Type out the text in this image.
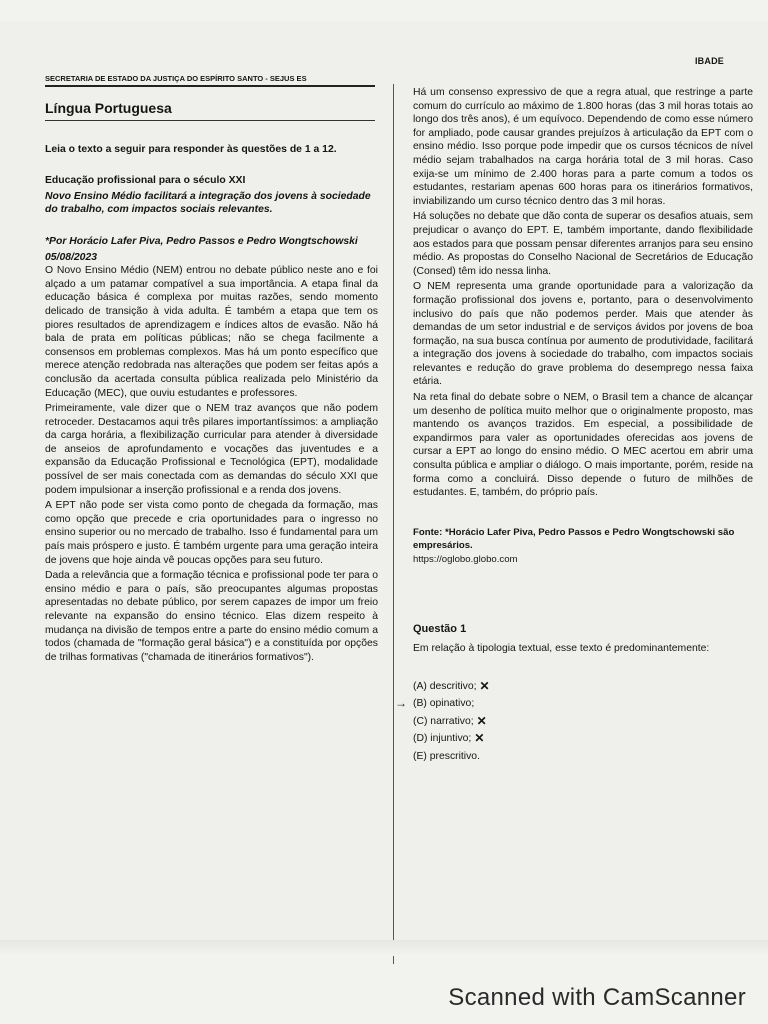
IBADE
SECRETARIA DE ESTADO DA JUSTIÇA DO ESPÍRITO SANTO - SEJUS ES
Língua Portuguesa
Leia o texto a seguir para responder às questões de 1 a 12.
Educação profissional para o século XXI
Novo Ensino Médio facilitará a integração dos jovens à sociedade do trabalho, com impactos sociais relevantes.
*Por Horácio Lafer Piva, Pedro Passos e Pedro Wongtschowski
05/08/2023
O Novo Ensino Médio (NEM) entrou no debate público neste ano e foi alçado a um patamar compatível a sua importância. A etapa final da educação básica é complexa por muitas razões, sendo momento delicado de transição à vida adulta. É também a etapa que tem os piores resultados de aprendizagem e índices altos de evasão. Não há bala de prata em políticas públicas; não se chega facilmente a consensos em problemas complexos. Mas há um ponto específico que merece atenção redobrada nas alterações que podem ser feitas após a conclusão da acertada consulta pública realizada pelo Ministério da Educação (MEC), que ouviu estudantes e professores.
Primeiramente, vale dizer que o NEM traz avanços que não podem retroceder. Destacamos aqui três pilares importantíssimos: a ampliação da carga horária, a flexibilização curricular para atender à diversidade de anseios de aprofundamento e vocações das juventudes e a expansão da Educação Profissional e Tecnológica (EPT), modalidade possível de ser mais conectada com as demandas do século XXI que podem impulsionar a inserção profissional e a renda dos jovens.
A EPT não pode ser vista como ponto de chegada da formação, mas como opção que precede e cria oportunidades para o ingresso no ensino superior ou no mercado de trabalho. Isso é fundamental para um país mais próspero e justo. É também urgente para uma geração inteira de jovens que hoje ainda vê poucas opções para seu futuro.
Dada a relevância que a formação técnica e profissional pode ter para o ensino médio e para o país, são preocupantes algumas propostas apresentadas no debate público, por serem capazes de impor um freio relevante na expansão do ensino técnico. Elas dizem respeito à mudança na divisão de tempos entre a parte do ensino médio comum a todos (chamada de "formação geral básica") e a constituída por opções de trilhas formativas ("chamada de itinerários formativos").
Há um consenso expressivo de que a regra atual, que restringe a parte comum do currículo ao máximo de 1.800 horas (das 3 mil horas totais ao longo dos três anos), é um equívoco. Dependendo de como esse número for ampliado, pode causar grandes prejuízos à articulação da EPT com o ensino médio. Isso porque pode impedir que os cursos técnicos de nível médio sejam trabalhados na carga horária total de 3 mil horas. Caso exija-se um mínimo de 2.400 horas para a parte comum a todos os estudantes, restariam apenas 600 horas para os itinerários formativos, inviabilizando um curso técnico dentro das 3 mil horas.
Há soluções no debate que dão conta de superar os desafios atuais, sem prejudicar o avanço do EPT. E, também importante, dando flexibilidade aos estados para que possam pensar diferentes arranjos para seu ensino médio. As propostas do Conselho Nacional de Secretários de Educação (Consed) têm ido nessa linha.
O NEM representa uma grande oportunidade para a valorização da formação profissional dos jovens e, portanto, para o desenvolvimento inclusivo do país que não podemos perder. Mais que atender às demandas de um setor industrial e de serviços ávidos por jovens de boa formação, na sua busca contínua por aumento de produtividade, facilitará a integração dos jovens à sociedade do trabalho, com impactos sociais relevantes e redução do grave problema do desemprego nessa faixa etária.
Na reta final do debate sobre o NEM, o Brasil tem a chance de alcançar um desenho de política muito melhor que o originalmente proposto, mas mantendo os avanços trazidos. Em especial, a possibilidade de expandirmos para valer as oportunidades oferecidas aos jovens de cursar a EPT ao longo do ensino médio. O MEC acertou em abrir uma consulta pública e ampliar o diálogo. O mais importante, porém, reside na forma como a concluirá. Disso depende o futuro de milhões de estudantes. E, também, do próprio país.
Fonte: *Horácio Lafer Piva, Pedro Passos e Pedro Wongtschowski são empresários.
https://oglobo.globo.com
Questão 1
Em relação à tipologia textual, esse texto é predominantemente:
(A) descritivo; ✕
→ (B) opinativo;
(C) narrativo; ✕
(D) injuntivo; ✕
(E) prescritivo.
Scanned with CamScanner
